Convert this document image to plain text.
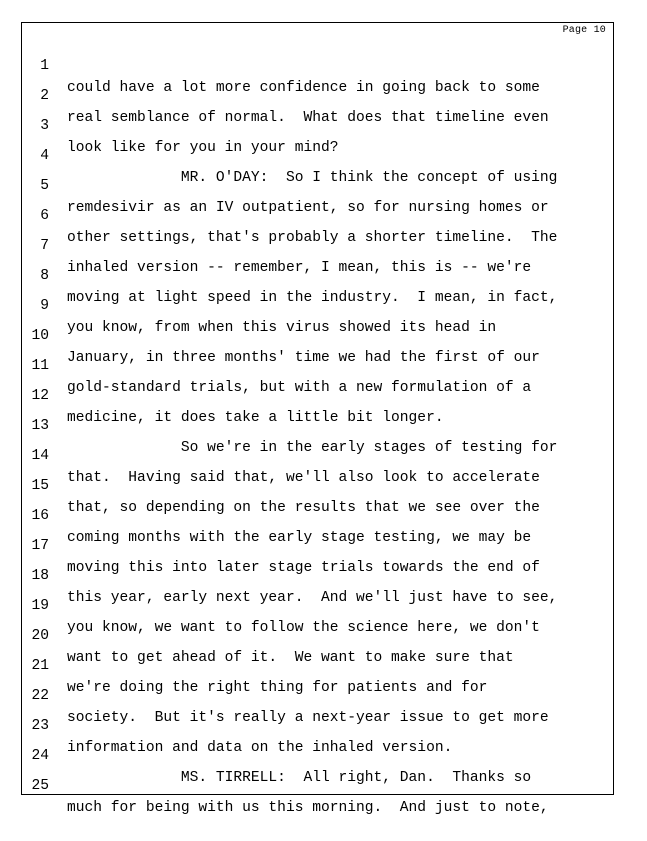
Page 10

1

could have a lot more confidence in going back to some

2

real semblance of normal.  What does that timeline even

3

look like for you in your mind?

4

MR. O'DAY:  So I think the concept of using

5

remdesivir as an IV outpatient, so for nursing homes or

6

other settings, that's probably a shorter timeline.  The

7

inhaled version -- remember, I mean, this is -- we're

8

moving at light speed in the industry.  I mean, in fact,

9

you know, from when this virus showed its head in

10

January, in three months' time we had the first of our

11

gold-standard trials, but with a new formulation of a

12

medicine, it does take a little bit longer.

13

So we're in the early stages of testing for

14

that.  Having said that, we'll also look to accelerate

15

that, so depending on the results that we see over the

16

coming months with the early stage testing, we may be

17

moving this into later stage trials towards the end of

18

this year, early next year.  And we'll just have to see,

19

you know, we want to follow the science here, we don't

20

want to get ahead of it.  We want to make sure that

21

we're doing the right thing for patients and for

22

society.  But it's really a next-year issue to get more

23

information and data on the inhaled version.

24

MS. TIRRELL:  All right, Dan.  Thanks so

25

much for being with us this morning.  And just to note,
